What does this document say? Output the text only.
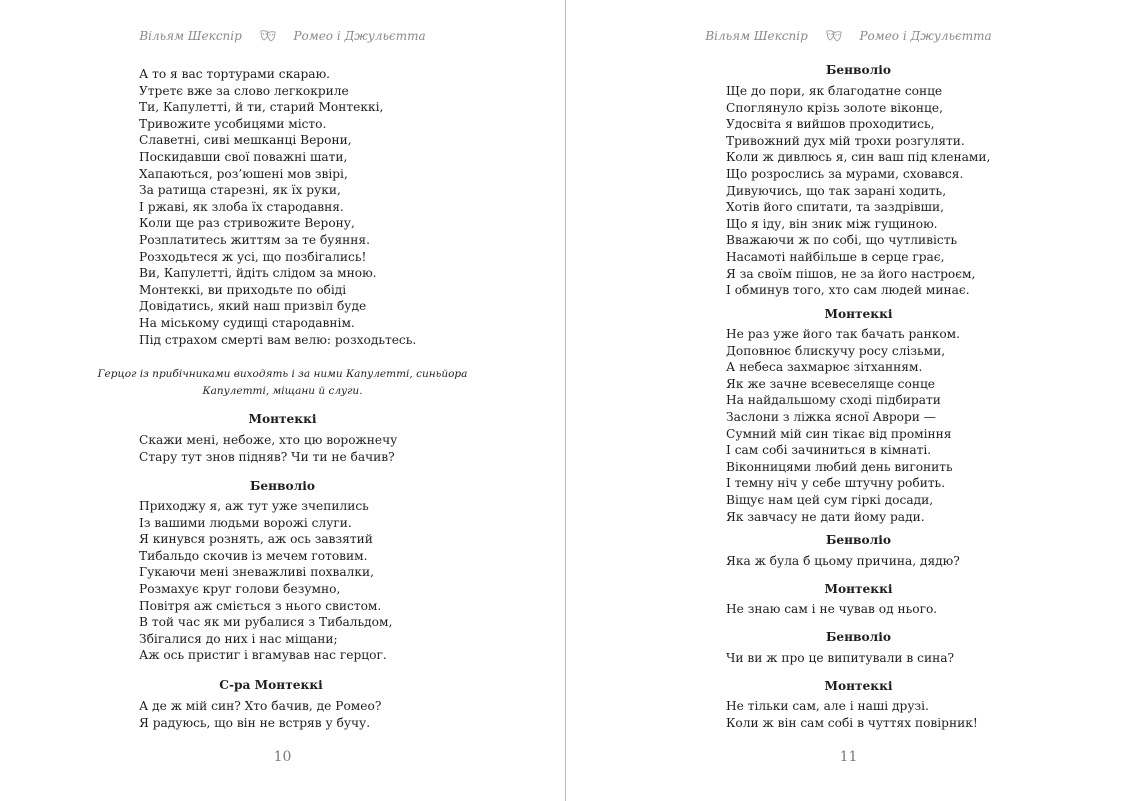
Вільям Шекспір	Ромео і Джульєтта
А то я вас тортурами скараю.
Утретє вже за слово легкокриле
Ти, Капулетті, й ти, старий Монтеккі,
Тривожите усобицями місто.
Славетні, сиві мешканці Верони,
Поскидавши свої поважні шати,
Хапаються, роз’юшені мов звірі,
За ратища старезні, як їх руки,
І ржаві, як злоба їх стародавня.
Коли ще раз стривожите Верону,
Розплатитесь життям за те буяння.
Розходьтеся ж усі, що позбігались!
Ви, Капулетті, йдіть слідом за мною.
Монтеккі, ви приходьте по обіді
Довідатись, який наш призвіл буде
На міському судищі стародавнім.
Під страхом смерті вам велю: розходьтесь.
Герцог із прибічниками виходять і за ними Капулетті, синьйора
Капулетті, міщани й слуги.
Монтеккі
Скажи мені, небоже, хто цю ворожнечу
Стару тут знов підняв? Чи ти не бачив?
Бенволіо
Приходжу я, аж тут уже зчепились
Із вашими людьми ворожі слуги.
Я кинувся рознять, аж ось завзятий
Тибальдо скочив із мечем готовим.
Гукаючи мені зневажливі похвалки,
Розмахує круг голови безумно,
Повітря аж сміється з нього свистом.
В той час як ми рубалися з Тибальдом,
Збігалися до них і нас міщани;
Аж ось пристиг і вгамував нас герцог.
С-ра Монтеккі
А де ж мій син? Хто бачив, де Ромео?
Я радуюсь, що він не встряв у бучу.
10
Вільям Шекспір	Ромео і Джульєтта
Бенволіо
Ще до пори, як благодатне сонце
Споглянуло крізь золоте віконце,
Удосвіта я вийшов проходитись,
Тривожний дух мій трохи розгуляти.
Коли ж дивлюсь я, син ваш під кленами,
Що розрослись за мурами, сховався.
Дивуючись, що так зарані ходить,
Хотів його спитати, та заздрівши,
Що я іду, він зник між гущиною.
Вважаючи ж по собі, що чутливість
Насамоті найбільше в серце грає,
Я за своїм пішов, не за його настроєм,
І обминув того, хто сам людей минає.
Монтеккі
Не раз уже його так бачать ранком.
Доповнює блискучу росу слізьми,
А небеса захмарює зітханням.
Як же зачне всевеселяще сонце
На найдальшому сході підбирати
Заслони з ліжка ясної Аврори —
Сумний мій син тікає від проміння
І сам собі зачиниться в кімнаті.
Віконницями любий день вигонить
І темну ніч у себе штучну робить.
Віщує нам цей сум гіркі досади,
Як завчасу не дати йому ради.
Бенволіо
Яка ж була б цьому причина, дядю?
Монтеккі
Не знаю сам і не чував од нього.
Бенволіо
Чи ви ж про це випитували в сина?
Монтеккі
Не тільки сам, але і наші друзі.
Коли ж він сам собі в чуттях повірник!
11
